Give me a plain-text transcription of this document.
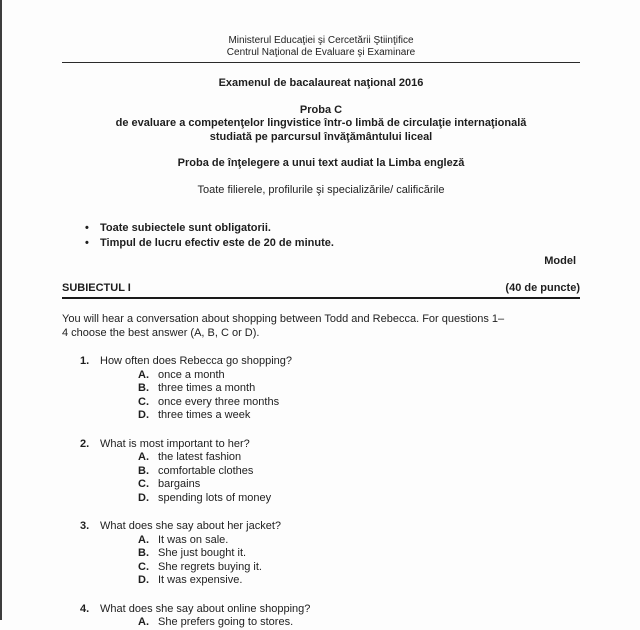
Ministerul Educaţiei şi Cercetării Ştiinţifice
Centrul Naţional de Evaluare şi Examinare
Examenul de bacalaureat naţional 2016
Proba C
de evaluare a competenţelor lingvistice într-o limbă de circulaţie internaţională
studiată pe parcursul învăţământului liceal
Proba de înţelegere a unui text audiat la Limba engleză
Toate filierele, profilurile şi specializările/ calificările
•	Toate subiectele sunt obligatorii.
•	Timpul de lucru efectiv este de 20 de minute.
Model
SUBIECTUL I	(40 de puncte)
You will hear a conversation about shopping between Todd and Rebecca. For questions 1–
4 choose the best answer (A, B, C or D).
1. How often does Rebecca go shopping?
A. once a month
B. three times a month
C. once every three months
D. three times a week
2. What is most important to her?
A. the latest fashion
B. comfortable clothes
C. bargains
D. spending lots of money
3. What does she say about her jacket?
A. It was on sale.
B. She just bought it.
C. She regrets buying it.
D. It was expensive.
4. What does she say about online shopping?
A. She prefers going to stores.
